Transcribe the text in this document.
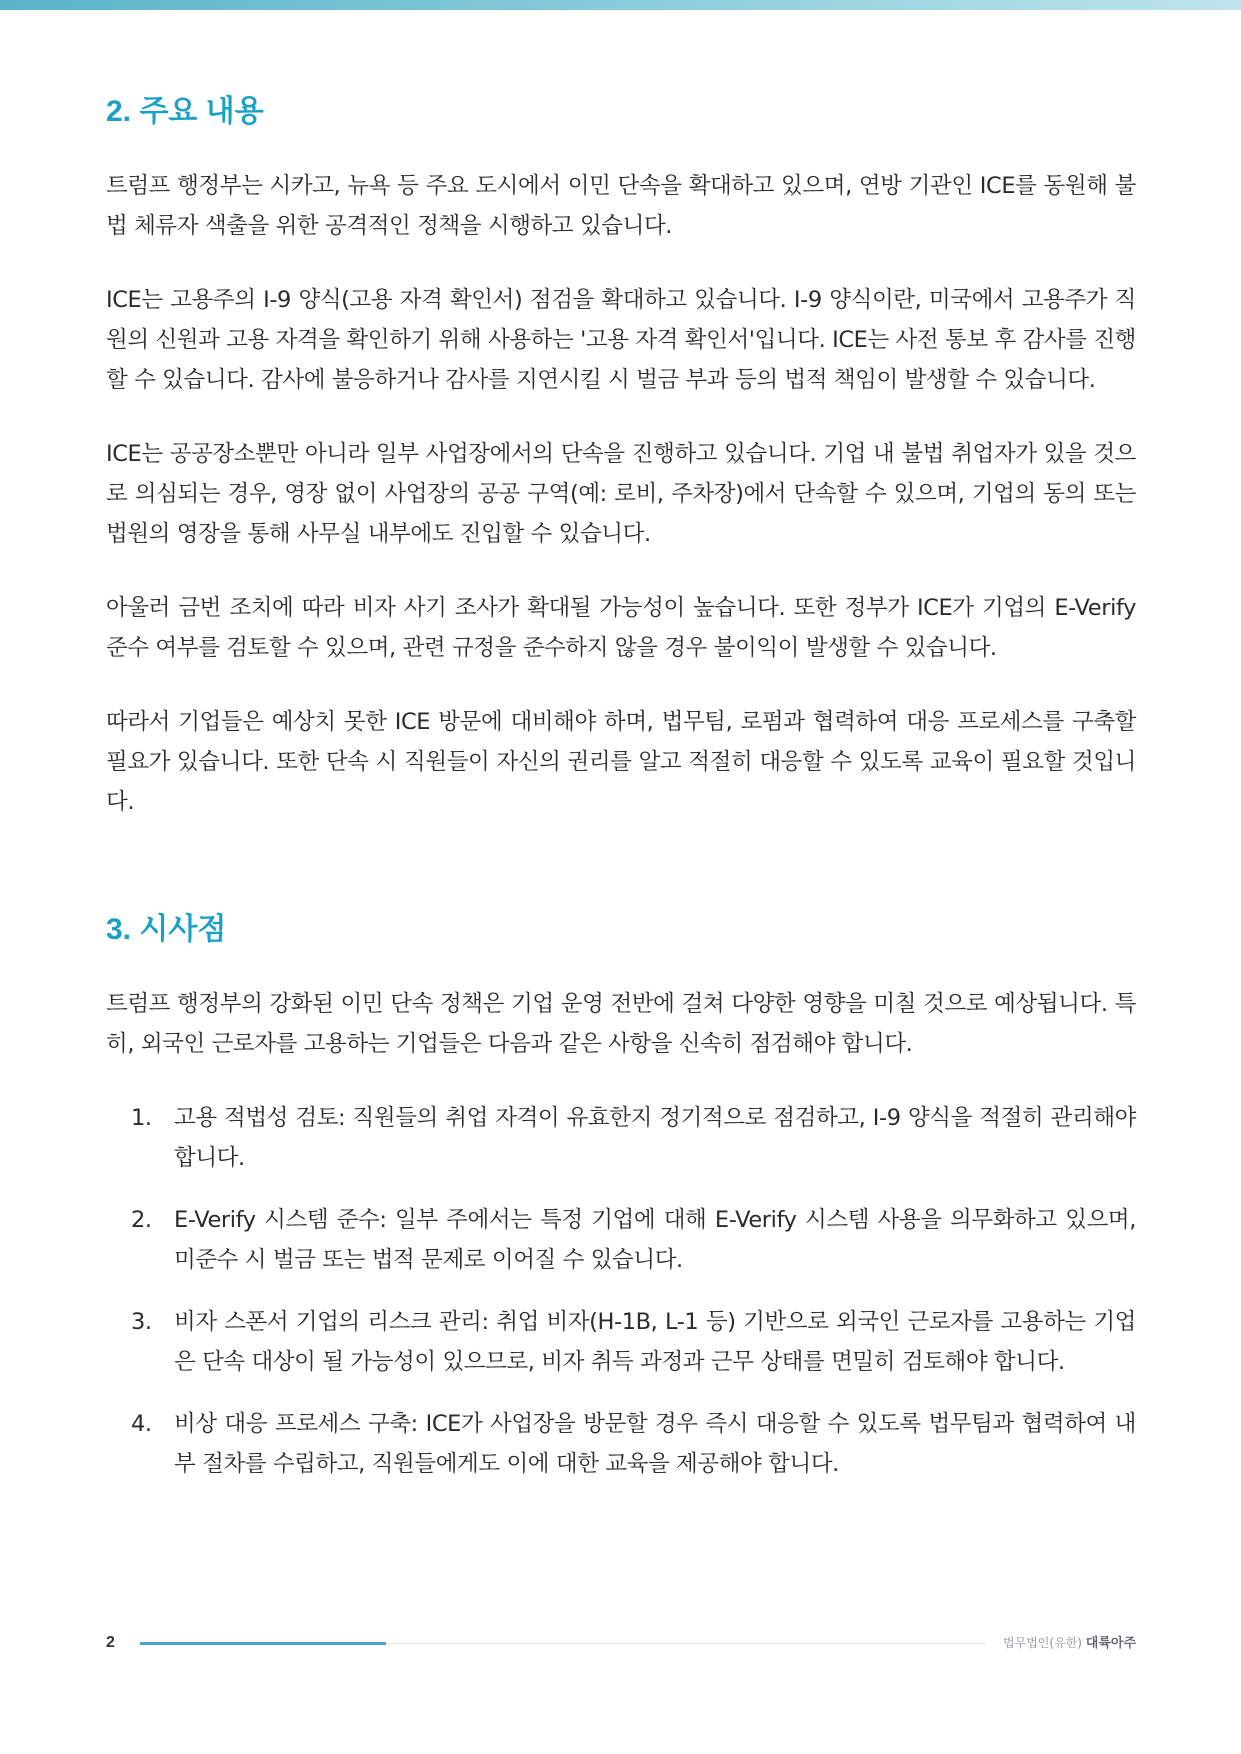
2. 주요 내용

트럼프 행정부는 시카고, 뉴욕 등 주요 도시에서 이민 단속을 확대하고 있으며, 연방 기관인 ICE를 동원해 불법 체류자 색출을 위한 공격적인 정책을 시행하고 있습니다.

ICE는 고용주의 I-9 양식(고용 자격 확인서) 점검을 확대하고 있습니다. I-9 양식이란, 미국에서 고용주가 직원의 신원과 고용 자격을 확인하기 위해 사용하는 '고용 자격 확인서'입니다. ICE는 사전 통보 후 감사를 진행할 수 있습니다. 감사에 불응하거나 감사를 지연시킬 시 벌금 부과 등의 법적 책임이 발생할 수 있습니다.

ICE는 공공장소뿐만 아니라 일부 사업장에서의 단속을 진행하고 있습니다. 기업 내 불법 취업자가 있을 것으로 의심되는 경우, 영장 없이 사업장의 공공 구역(예: 로비, 주차장)에서 단속할 수 있으며, 기업의 동의 또는 법원의 영장을 통해 사무실 내부에도 진입할 수 있습니다.

아울러 금번 조치에 따라 비자 사기 조사가 확대될 가능성이 높습니다. 또한 정부가 ICE가 기업의 E-Verify 준수 여부를 검토할 수 있으며, 관련 규정을 준수하지 않을 경우 불이익이 발생할 수 있습니다.

따라서 기업들은 예상치 못한 ICE 방문에 대비해야 하며, 법무팀, 로펌과 협력하여 대응 프로세스를 구축할 필요가 있습니다. 또한 단속 시 직원들이 자신의 권리를 알고 적절히 대응할 수 있도록 교육이 필요할 것입니다.

3. 시사점

트럼프 행정부의 강화된 이민 단속 정책은 기업 운영 전반에 걸쳐 다양한 영향을 미칠 것으로 예상됩니다. 특히, 외국인 근로자를 고용하는 기업들은 다음과 같은 사항을 신속히 점검해야 합니다.

1. 고용 적법성 검토: 직원들의 취업 자격이 유효한지 정기적으로 점검하고, I-9 양식을 적절히 관리해야 합니다.
2. E-Verify 시스템 준수: 일부 주에서는 특정 기업에 대해 E-Verify 시스템 사용을 의무화하고 있으며, 미준수 시 벌금 또는 법적 문제로 이어질 수 있습니다.
3. 비자 스폰서 기업의 리스크 관리: 취업 비자(H-1B, L-1 등) 기반으로 외국인 근로자를 고용하는 기업은 단속 대상이 될 가능성이 있으므로, 비자 취득 과정과 근무 상태를 면밀히 검토해야 합니다.
4. 비상 대응 프로세스 구축: ICE가 사업장을 방문할 경우 즉시 대응할 수 있도록 법무팀과 협력하여 내부 절차를 수립하고, 직원들에게도 이에 대한 교육을 제공해야 합니다.
2	법무법인(유한) 대륙아주
